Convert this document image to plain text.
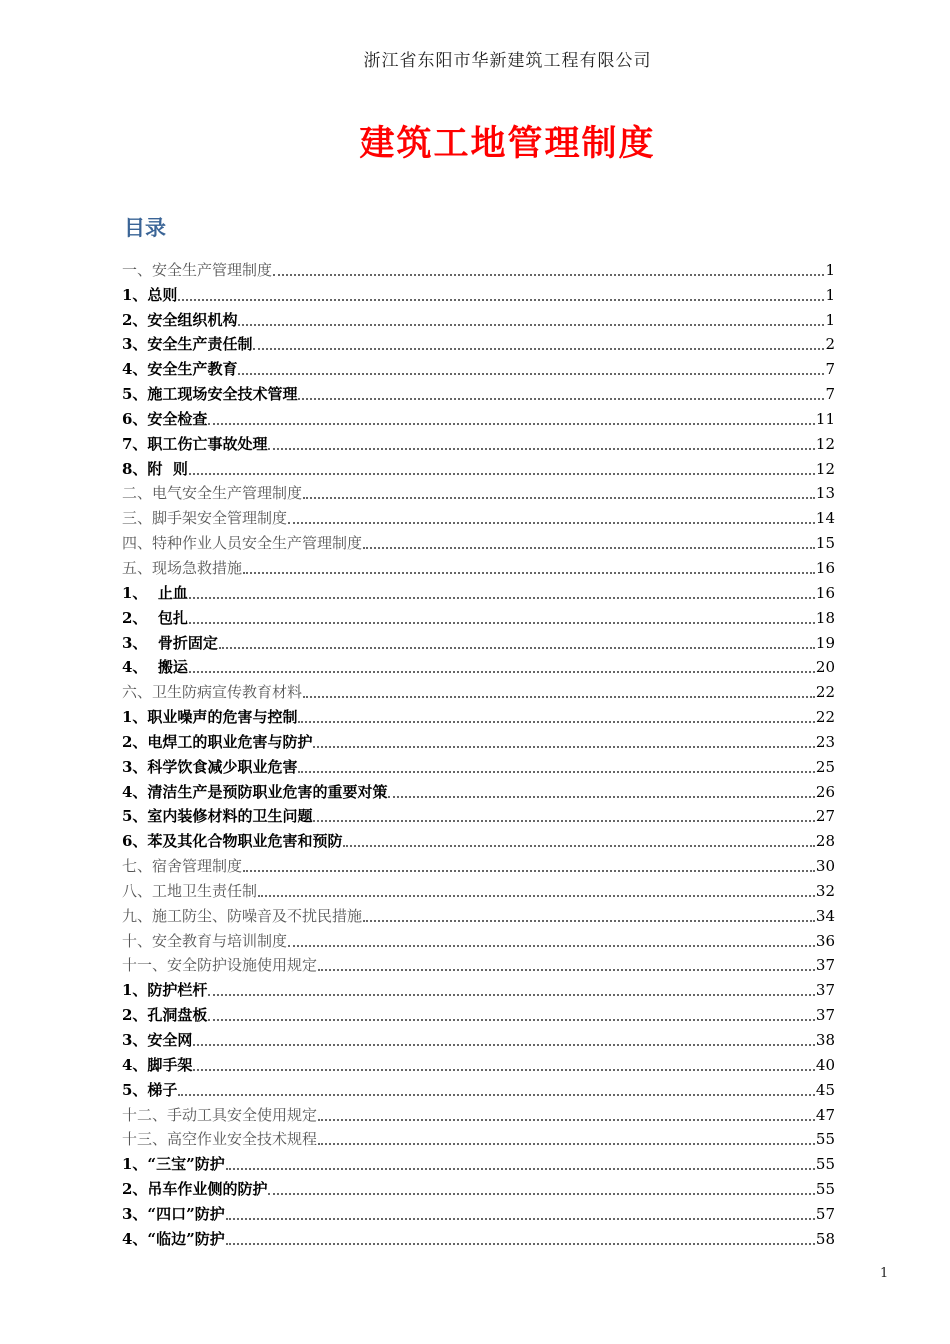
浙江省东阳市华新建筑工程有限公司
建筑工地管理制度
目录
一、安全生产管理制度	1
1、总则	1
2、安全组织机构	1
3、安全生产责任制	2
4、安全生产教育	7
5、施工现场安全技术管理	7
6、安全检查	11
7、职工伤亡事故处理	12
8、附  则	12
二、电气安全生产管理制度	13
三、脚手架安全管理制度	14
四、特种作业人员安全生产管理制度	15
五、现场急救措施	16
1、  止血	16
2、  包扎	18
3、  骨折固定	19
4、  搬运	20
六、卫生防病宣传教育材料	22
1、职业噪声的危害与控制	22
2、电焊工的职业危害与防护	23
3、科学饮食减少职业危害	25
4、清洁生产是预防职业危害的重要对策	26
5、室内装修材料的卫生问题	27
6、苯及其化合物职业危害和预防	28
七、宿舍管理制度	30
八、工地卫生责任制	32
九、施工防尘、防噪音及不扰民措施	34
十、安全教育与培训制度	36
十一、安全防护设施使用规定	37
1、防护栏杆	37
2、孔洞盘板	37
3、安全网	38
4、脚手架	40
5、梯子	45
十二、手动工具安全使用规定	47
十三、高空作业安全技术规程	55
1、“三宝”防护	55
2、吊车作业侧的防护	55
3、“四口”防护	57
4、“临边”防护	58
1
